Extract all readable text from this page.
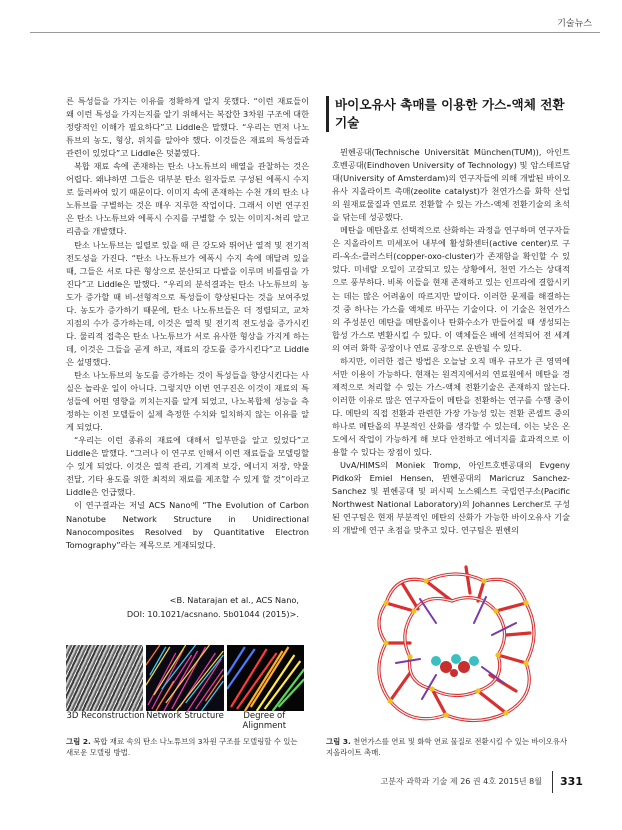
기술뉴스

른 특성들을 가지는 이유를 정확하게 알지 못했다. “이런 재료들이 왜 이런 특성을 가지는지를 알기 위해서는 복잡한 3차원 구조에 대한 정량적인 이해가 필요하다”고 Liddle은 말했다. “우리는 먼저 나노튜브의 농도, 형상, 위치를 알아야 했다. 이것들은 재료의 특성들과 관련이 있었다”고 Liddle은 덧붙였다.

복합 재료 속에 존재하는 탄소 나노튜브의 배열을 관찰하는 것은 어렵다. 왜냐하면 그들은 대부분 탄소 원자들로 구성된 에폭시 수지로 둘러싸여 있기 때문이다. 이미지 속에 존재하는 수천 개의 탄소 나노튜브를 구별하는 것은 매우 지루한 작업이다. 그래서 이번 연구진은 탄소 나노튜브와 에폭시 수지를 구별할 수 있는 이미지-처리 알고리즘을 개발했다.

탄소 나노튜브는 일렬로 있을 때 큰 강도와 뛰어난 열적 및 전기적 전도성을 가진다. “탄소 나노튜브가 에폭시 수지 속에 매달려 있을 때, 그들은 서로 다른 형상으로 분산되고 다발을 이루며 비틀림을 가진다”고 Liddle은 말했다. “우리의 분석결과는 탄소 나노튜브의 농도가 증가할 때 비-선형적으로 특성들이 향상된다는 것을 보여주었다. 농도가 증가하기 때문에, 탄소 나노튜브들은 더 정렬되고, 교차 지점의 수가 증가하는데, 이것은 열적 및 전기적 전도성을 증가시킨다. 물리적 접촉은 탄소 나노튜브가 서로 유사한 형상을 가지게 하는데, 이것은 그들을 곧게 하고, 재료의 강도를 증가시킨다”고 Liddle은 설명했다.

탄소 나노튜브의 농도를 증가하는 것이 특성들을 향상시킨다는 사실은 놀라운 일이 아니다. 그렇지만 이번 연구진은 이것이 재료의 특성들에 어떤 영향을 끼치는지를 알게 되었고, 나노복합체 성능을 측정하는 이전 모델들이 실제 측정한 수치와 일치하지 않는 이유를 알게 되었다.

“우리는 이런 종류의 재료에 대해서 일부만을 알고 있었다”고 Liddle은 말했다. “그러나 이 연구로 인해서 이런 재료들을 모델링할 수 있게 되었다. 이것은 열적 관리, 기계적 보강, 에너지 저장, 약물 전달, 기타 용도를 위한 최적의 재료를 제조할 수 있게 할 것”이라고 Liddle은 언급했다.

이 연구결과는 저널 ACS Nano에 “The Evolution of Carbon Nanotube Network Structure in Unidirectional Nanocomposites Resolved by Quantitative Electron Tomography”라는 제목으로 게재되었다.

<B. Natarajan et al., ACS Nano,
DOI: 10.1021/acsnano. 5b01044 (2015)>.
3D Reconstruction Network Structure	Degree of Alignment
그림 2. 복합 재료 속의 탄소 나노튜브의 3차원 구조를 모델링할 수 있는 새로운 모델링 방법.
바이오유사 촉매를 이용한 가스-액체 전환기술

뮌헨공대(Technische Universität München(TUM)), 아인트호벤공대(Eindhoven University of Technology) 및 암스테르담대(University of Amsterdam)의 연구자들에 의해 개발된 바이오 유사 지올라이트 촉매(zeolite catalyst)가 천연가스를 화학 산업의 원재료물질과 연료로 전환할 수 있는 가스-액체 전환기술의 초석을 닦는데 성공했다.

메탄을 메탄올로 선택적으로 산화하는 과정을 연구하며 연구자들은 지올라이트 미세포어 내부에 활성화센터(active center)로 구리-옥소-클러스터(copper-oxo-cluster)가 존재함을 확인할 수 있었다. 미네랄 오일이 고갈되고 있는 상황에서, 천연 가스는 상대적으로 풍부하다. 비록 이들을 현재 존재하고 있는 인프라에 결합시키는 데는 많은 어려움이 따르지만 말이다. 이러한 문제를 해결하는 것 중 하나는 가스를 액체로 바꾸는 기술이다. 이 기술은 천연가스의 주성분인 메탄을 메탄올이나 탄화수소가 만들어질 때 생성되는 합성 가스로 변환시킬 수 있다. 이 액체들은 배에 선적되어 전 세계의 여러 화학 공장이나 연료 공장으로 운반될 수 있다.

하지만, 이러한 접근 방법은 오늘날 오직 매우 규모가 큰 영역에서만 이용이 가능하다. 현재는 원격지에서의 연료원에서 메탄을 경제적으로 처리할 수 있는 가스-액체 전환기술은 존재하지 않는다. 이러한 이유로 많은 연구자들이 메탄을 전환하는 연구를 수행 중이다. 메탄의 직접 전환과 관련한 가장 가능성 있는 전환 콘셉트 중의 하나로 메탄올의 부분적인 산화를 생각할 수 있는데, 이는 낮은 온도에서 작업이 가능하게 해 보다 안전하고 에너지를 효과적으로 이용할 수 있다는 장점이 있다.

UvA/HIMS의 Moniek Tromp, 아인트호벤공대의 Evgeny Pidko와 Emiel Hensen, 뮌헨공대의 Maricruz Sanchez-Sanchez 및 뮌헨공대 및 퍼시픽 노스웨스트 국립연구소(Pacific Northwest National Laboratory)의 Johannes Lercher로 구성된 연구팀은 현재 부분적인 메탄의 산화가 가능한 바이오유사 기술의 개발에 연구 초점을 맞추고 있다. 연구팀은 뮌헨의

그림 3. 천연가스를 연료 및 화학 연료 물질로 전환시킬 수 있는 바이오유사 지올라이트 촉매.
고분자 과학과 기술 제 26 권 4호 2015년 8월 331
